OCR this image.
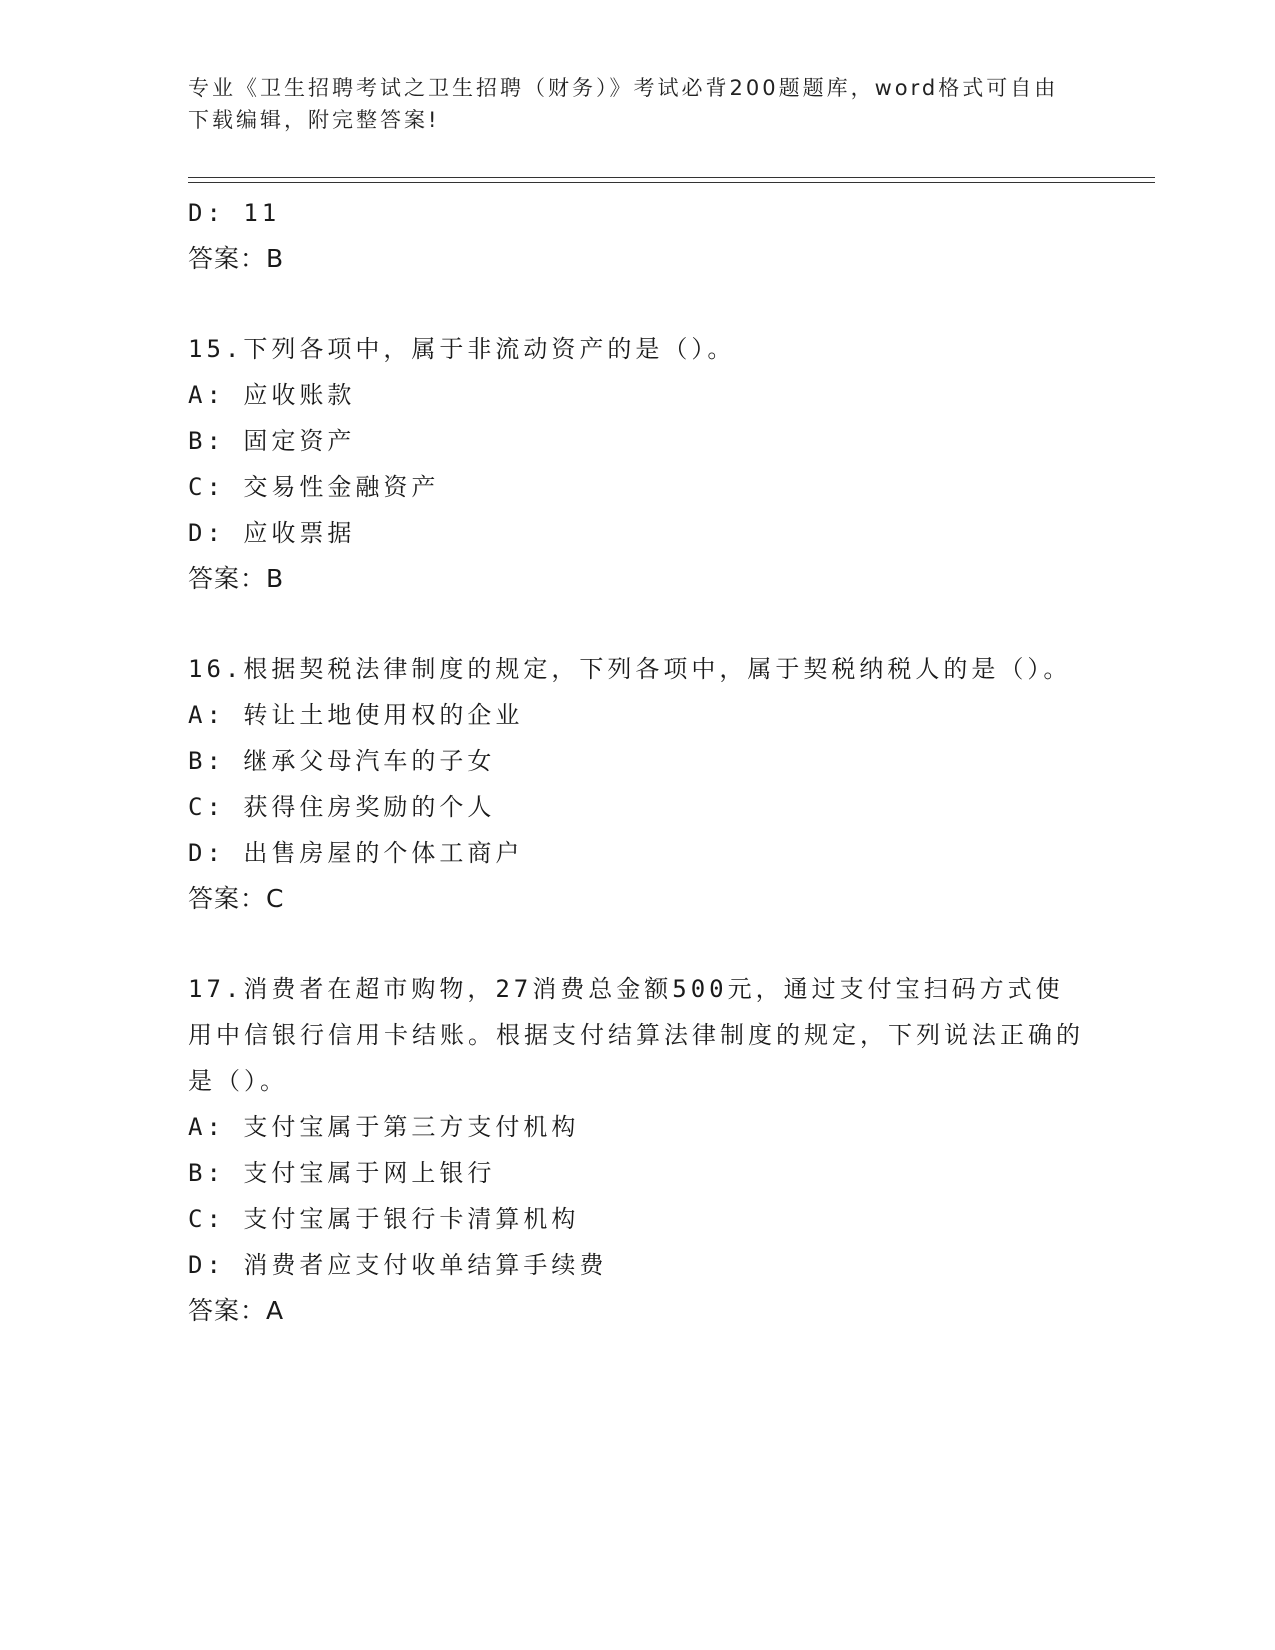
专业《卫生招聘考试之卫生招聘（财务）》考试必背200题题库，word格式可自由下载编辑，附完整答案!
D: 11
答案：B
15.下列各项中，属于非流动资产的是（）。
A: 应收账款
B: 固定资产
C: 交易性金融资产
D: 应收票据
答案：B
16.根据契税法律制度的规定，下列各项中，属于契税纳税人的是（）。
A: 转让土地使用权的企业
B: 继承父母汽车的子女
C: 获得住房奖励的个人
D: 出售房屋的个体工商户
答案：C
17.消费者在超市购物，27消费总金额500元，通过支付宝扫码方式使用中信银行信用卡结账。根据支付结算法律制度的规定，下列说法正确的是（）。
A: 支付宝属于第三方支付机构
B: 支付宝属于网上银行
C: 支付宝属于银行卡清算机构
D: 消费者应支付收单结算手续费
答案：A
